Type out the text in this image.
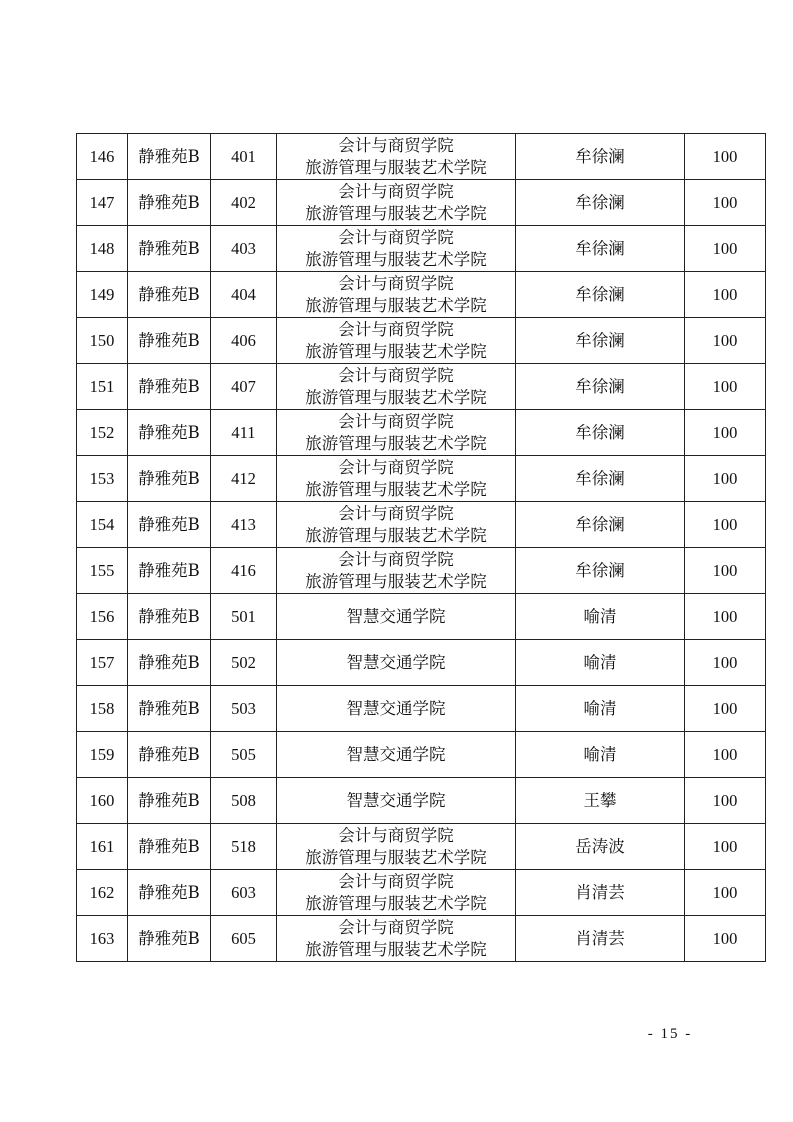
146	静雅苑B	401	会计与商贸学院
旅游管理与服装艺术学院	牟徐澜	100
147	静雅苑B	402	会计与商贸学院
旅游管理与服装艺术学院	牟徐澜	100
148	静雅苑B	403	会计与商贸学院
旅游管理与服装艺术学院	牟徐澜	100
149	静雅苑B	404	会计与商贸学院
旅游管理与服装艺术学院	牟徐澜	100
150	静雅苑B	406	会计与商贸学院
旅游管理与服装艺术学院	牟徐澜	100
151	静雅苑B	407	会计与商贸学院
旅游管理与服装艺术学院	牟徐澜	100
152	静雅苑B	411	会计与商贸学院
旅游管理与服装艺术学院	牟徐澜	100
153	静雅苑B	412	会计与商贸学院
旅游管理与服装艺术学院	牟徐澜	100
154	静雅苑B	413	会计与商贸学院
旅游管理与服装艺术学院	牟徐澜	100
155	静雅苑B	416	会计与商贸学院
旅游管理与服装艺术学院	牟徐澜	100
156	静雅苑B	501	智慧交通学院	喻清	100
157	静雅苑B	502	智慧交通学院	喻清	100
158	静雅苑B	503	智慧交通学院	喻清	100
159	静雅苑B	505	智慧交通学院	喻清	100
160	静雅苑B	508	智慧交通学院	王攀	100
161	静雅苑B	518	会计与商贸学院
旅游管理与服装艺术学院	岳涛波	100
162	静雅苑B	603	会计与商贸学院
旅游管理与服装艺术学院	肖清芸	100
163	静雅苑B	605	会计与商贸学院
旅游管理与服装艺术学院	肖清芸	100
- 15 -
